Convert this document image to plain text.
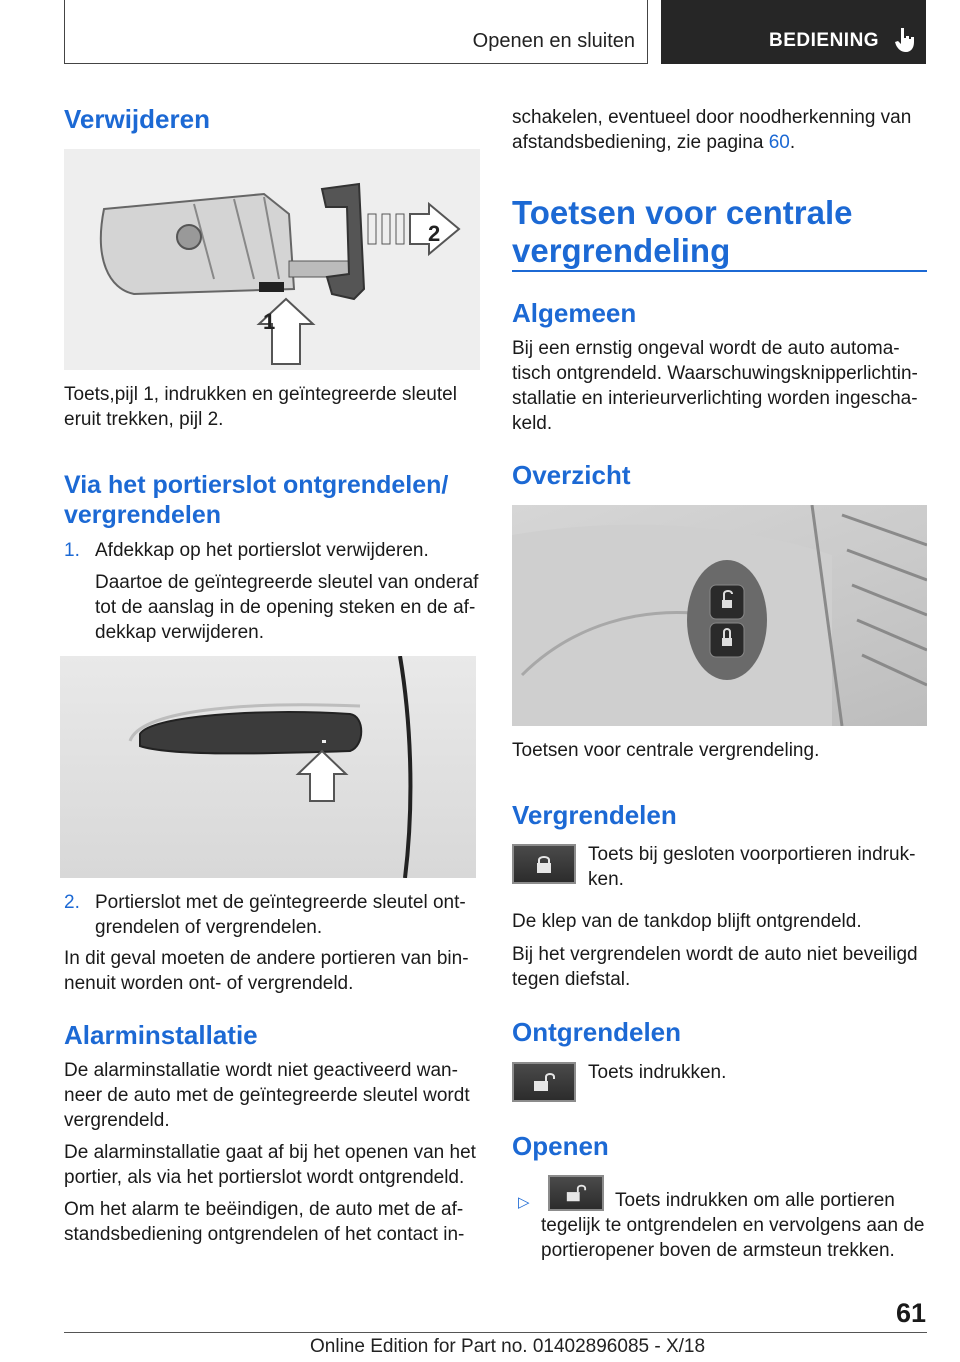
Openen en sluiten	BEDIENING
Verwijderen
2
1
Toets,pijl 1, indrukken en geïntegreerde sleutel
eruit trekken, pijl 2.
Via het portierslot ontgrendelen/
vergrendelen
1. Afdekkap op het portierslot verwijderen.
Daartoe de geïntegreerde sleutel van onderaf
tot de aanslag in de opening steken en de af-
dekkap verwijderen.
2. Portierslot met de geïntegreerde sleutel ont-
grendelen of vergrendelen.
In dit geval moeten de andere portieren van bin-
nenuit worden ont- of vergrendeld.
Alarminstallatie
De alarminstallatie wordt niet geactiveerd wan-
neer de auto met de geïntegreerde sleutel wordt
vergrendeld.
De alarminstallatie gaat af bij het openen van het
portier, als via het portierslot wordt ontgrendeld.
Om het alarm te beëindigen, de auto met de af-
standsbediening ontgrendelen of het contact in-
schakelen, eventueel door noodherkenning van
afstandsbediening, zie pagina 60.
Toetsen voor centrale
vergrendeling
Algemeen
Bij een ernstig ongeval wordt de auto automa-
tisch ontgrendeld. Waarschuwingsknipperlichtin-
stallatie en interieurverlichting worden ingescha-
keld.
Overzicht
Toetsen voor centrale vergrendeling.
Vergrendelen
Toets bij gesloten voorportieren indruk-
ken.
De klep van de tankdop blijft ontgrendeld.
Bij het vergrendelen wordt de auto niet beveiligd
tegen diefstal.
Ontgrendelen
Toets indrukken.
Openen
▷	Toets indrukken om alle portieren
tegelijk te ontgrendelen en vervolgens aan de
portieropener boven de armsteun trekken.
61
Online Edition for Part no. 01402896085 - X/18
